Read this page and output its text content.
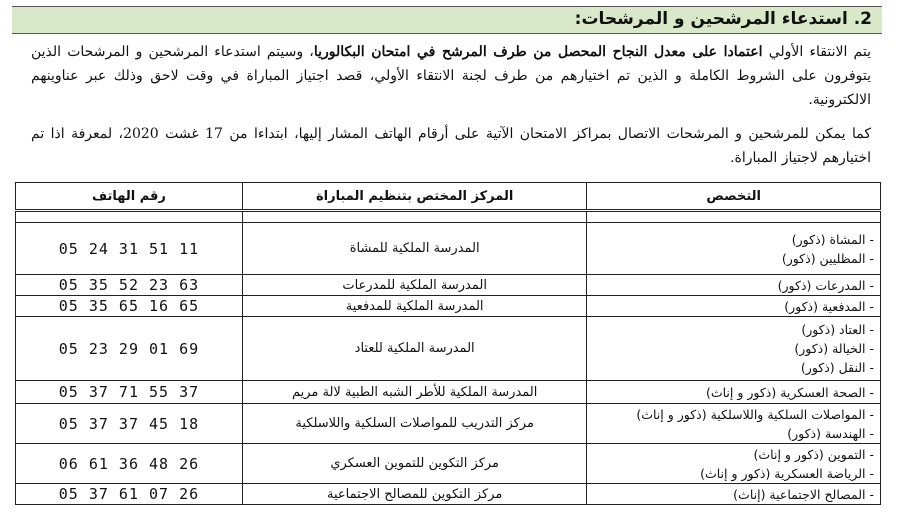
2. استدعاء المرشحين و المرشحات:
يتم الانتقاء الأولي اعتمادا على معدل النجاح المحصل من طرف المرشح في امتحان البكالوريا، وسيتم استدعاء المرشحين و المرشحات الذين يتوفرون على الشروط الكاملة و الذين تم اختيارهم من طرف لجنة الانتقاء الأولي، قصد اجتياز المباراة في وقت لاحق وذلك عبر عناوينهم الالكترونية.
كما يمكن للمرشحين و المرشحات الاتصال بمراكز الامتحان الآتية على أرقام الهاتف المشار إليها، ابتداءا من 17 غشت 2020، لمعرفة اذا تم اختيارهم لاجتياز المباراة.
التخصص	المركز المختص بتنظيم المباراة	رقم الهاتف

- المشاة (ذكور)
- المظليين (ذكور)	المدرسة الملكية للمشاة	05 24 31 51 11

- المدرعات (ذكور)	المدرسة الملكية للمدرعات	05 35 52 23 63

- المدفعية (ذكور)	المدرسة الملكية للمدفعية	05 35 65 16 65

- العتاد (ذكور)
- الخيالة (ذكور)
- النقل (ذكور)	المدرسة الملكية للعتاد	05 23 29 01 69

- الصحة العسكرية (ذكور و إناث)	المدرسة الملكية للأطر الشبه الطبية لالة مريم	05 37 71 55 37

- المواصلات السلكية واللاسلكية (ذكور و إناث)
- الهندسة (ذكور)	مركز التدريب للمواصلات السلكية واللاسلكية	05 37 37 45 18

- التموين (ذكور و إناث)
- الرياضة العسكرية (ذكور و إناث)	مركز التكوين للتموين العسكري	06 61 36 48 26

- المصالح الاجتماعية (إناث)	مركز التكوين للمصالح الاجتماعية	05 37 61 07 26
